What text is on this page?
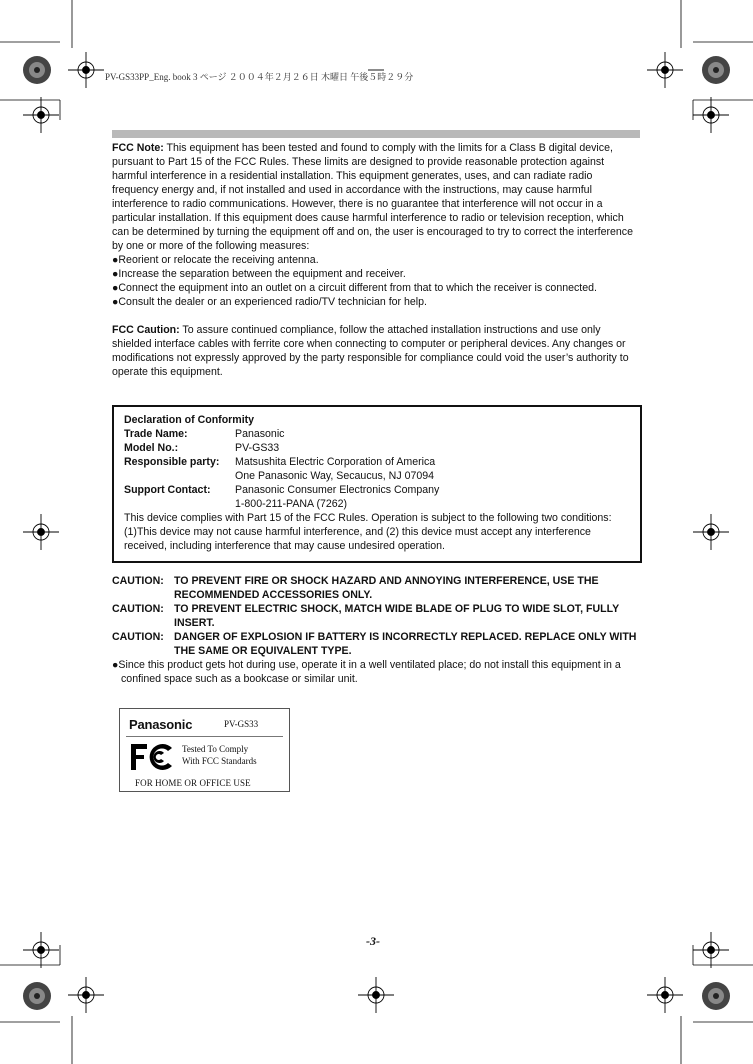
PV-GS33PP_Eng. book 3 ページ ２００４年２月２６日 木曜日 午後５時２９分

FCC Note: This equipment has been tested and found to comply with the limits for a Class B digital device, pursuant to Part 15 of the FCC Rules. These limits are designed to provide reasonable protection against harmful interference in a residential installation. This equipment generates, uses, and can radiate radio frequency energy and, if not installed and used in accordance with the instructions, may cause harmful interference to radio communications. However, there is no guarantee that interference will not occur in a particular installation. If this equipment does cause harmful interference to radio or television reception, which can be determined by turning the equipment off and on, the user is encouraged to try to correct the interference by one or more of the following measures:

●Reorient or relocate the receiving antenna.

●Increase the separation between the equipment and receiver.

●Connect the equipment into an outlet on a circuit different from that to which the receiver is connected.

●Consult the dealer or an experienced radio/TV technician for help.

FCC Caution: To assure continued compliance, follow the attached installation instructions and use only shielded interface cables with ferrite core when connecting to computer or peripheral devices. Any changes or modifications not expressly approved by the party responsible for compliance could void the user’s authority to operate this equipment.

Declaration of Conformity
Trade Name:	Panasonic
Model No.:	PV-GS33
Responsible party:	Matsushita Electric Corporation of America
One Panasonic Way, Secaucus, NJ 07094
Support Contact:	Panasonic Consumer Electronics Company
1-800-211-PANA (7262)
This device complies with Part 15 of the FCC Rules. Operation is subject to the following two conditions: (1)This device may not cause harmful interference, and (2) this device must accept any interference received, including interference that may cause undesired operation.
CAUTION: TO PREVENT FIRE OR SHOCK HAZARD AND ANNOYING INTERFERENCE, USE THE RECOMMENDED ACCESSORIES ONLY.
CAUTION: TO PREVENT ELECTRIC SHOCK, MATCH WIDE BLADE OF PLUG TO WIDE SLOT, FULLY INSERT.
CAUTION: DANGER OF EXPLOSION IF BATTERY IS INCORRECTLY REPLACED. REPLACE ONLY WITH THE SAME OR EQUIVALENT TYPE.
●Since this product gets hot during use, operate it in a well ventilated place; do not install this equipment in a confined space such as a bookcase or similar unit.
Panasonic	PV-GS33
Tested To Comply
With FCC Standards
FOR HOME OR OFFICE USE
-3-
